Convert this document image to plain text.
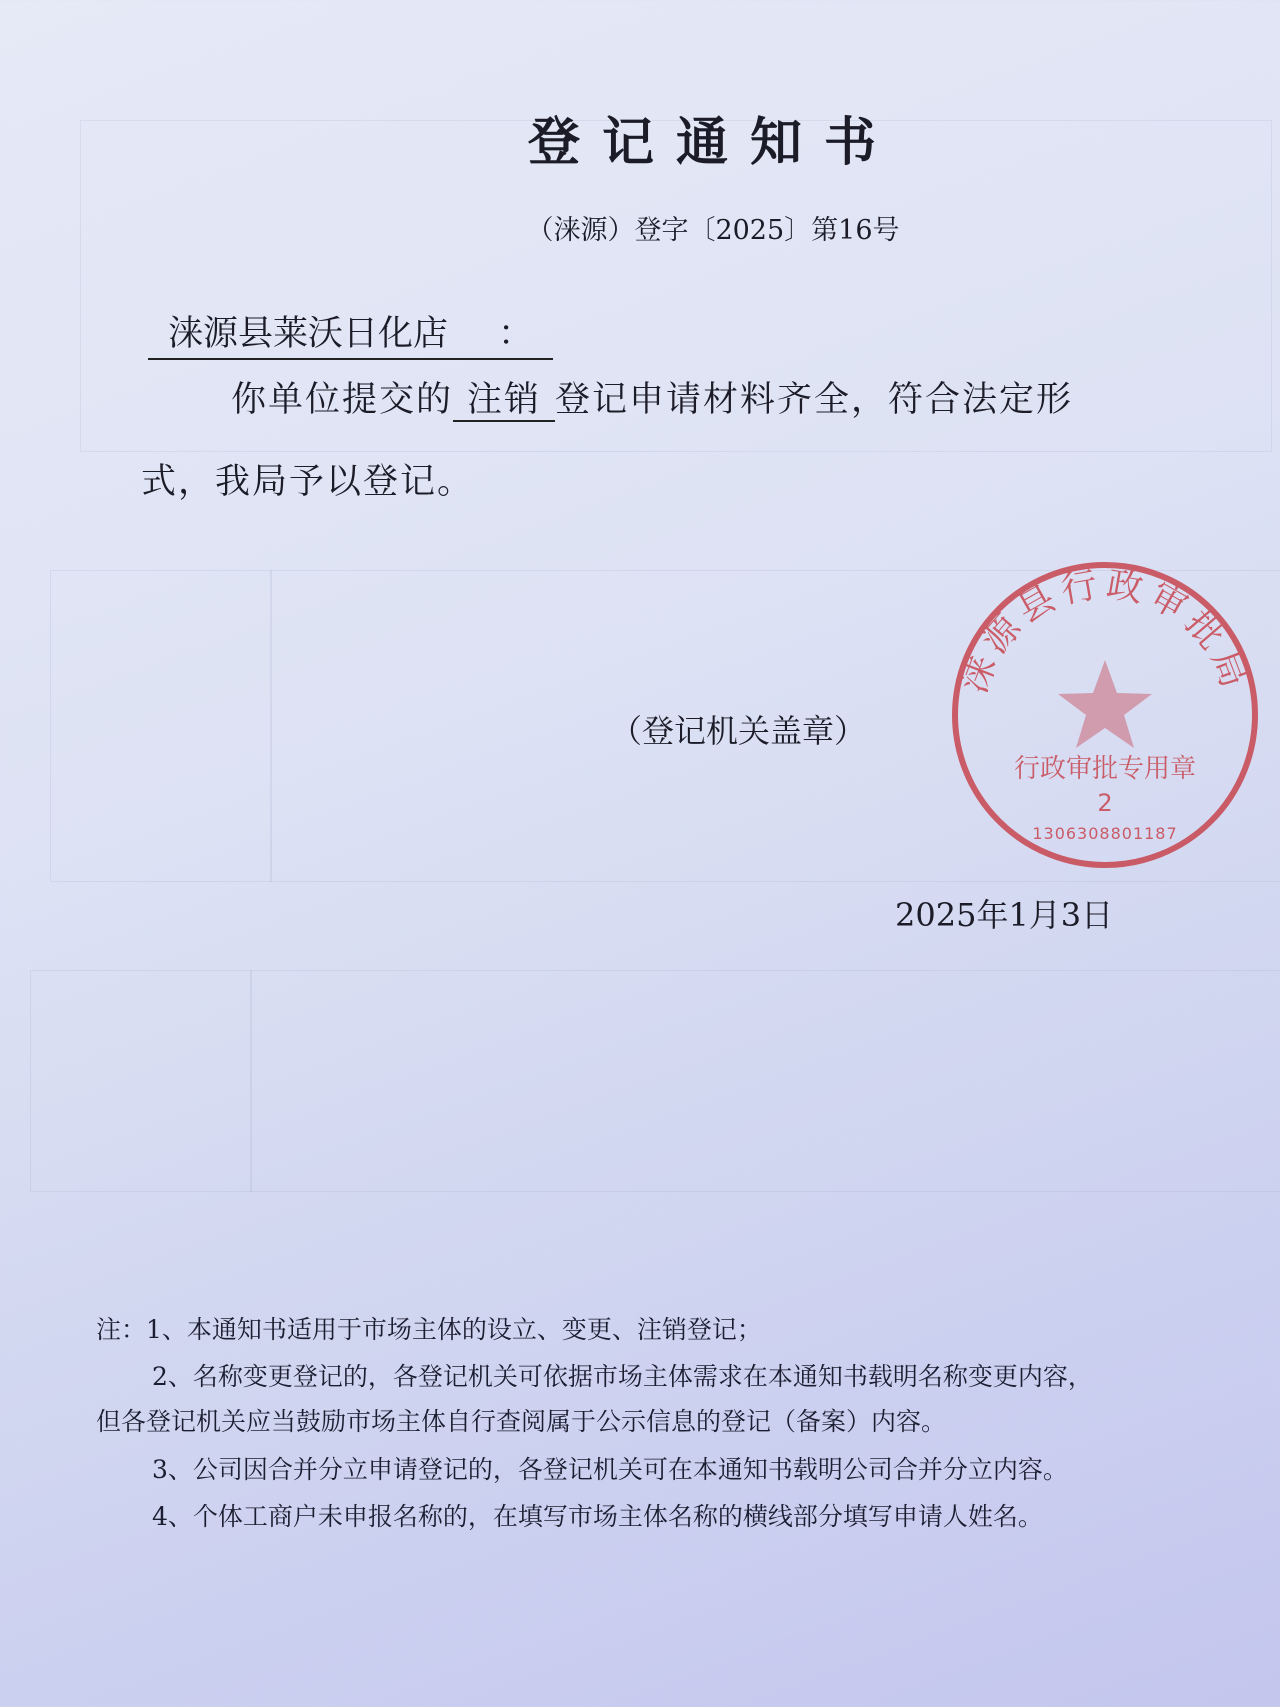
登记通知书
（涞源）登字〔2025〕第16号
涞源县莱沃日化店 ：
你单位提交的 注销 登记申请材料齐全，符合法定形
式，我局予以登记。
（登记机关盖章）
涞源县行政审批局
行政审批专用章
2
1306308801187
2025年1月3日
注：1、本通知书适用于市场主体的设立、变更、注销登记；
2、名称变更登记的，各登记机关可依据市场主体需求在本通知书载明名称变更内容，
但各登记机关应当鼓励市场主体自行查阅属于公示信息的登记（备案）内容。
3、公司因合并分立申请登记的，各登记机关可在本通知书载明公司合并分立内容。
4、个体工商户未申报名称的，在填写市场主体名称的横线部分填写申请人姓名。
